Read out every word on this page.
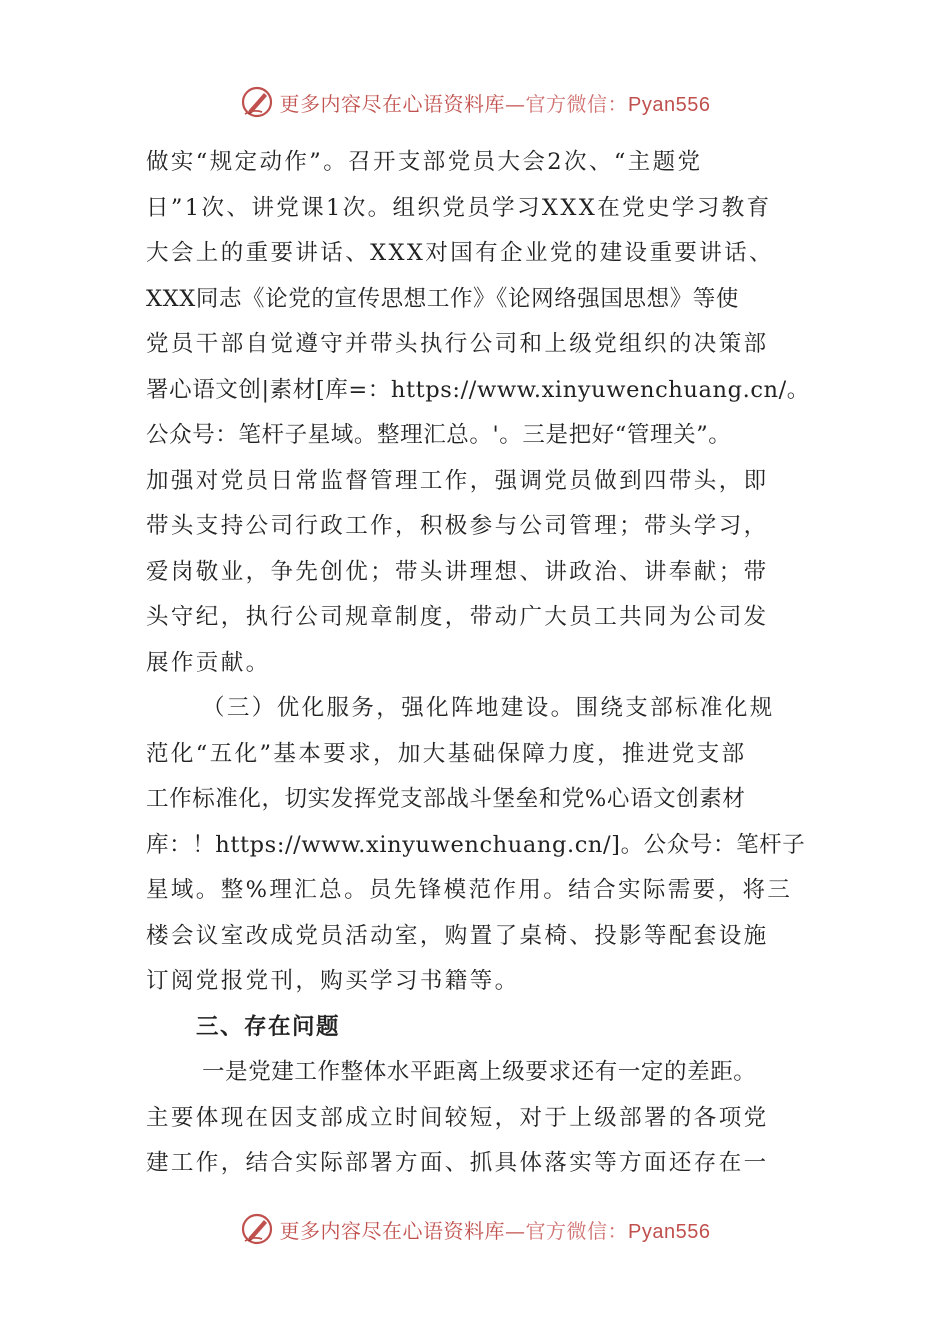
更多内容尽在心语资料库—官方微信：Pyan556
做实“规定动作”。召开支部党员大会2次、“主题党
日”1次、讲党课1次。组织党员学习XXX在党史学习教育
大会上的重要讲话、XXX对国有企业党的建设重要讲话、
XXX同志《论党的宣传思想工作》《论网络强国思想》等使
党员干部自觉遵守并带头执行公司和上级党组织的决策部
署心语文创|素材[库=：https://www.xinyuwenchuang.cn/。
公众号：笔杆子星域。整理汇总。'。三是把好“管理关”。
加强对党员日常监督管理工作，强调党员做到四带头，即
带头支持公司行政工作，积极参与公司管理；带头学习，
爱岗敬业，争先创优；带头讲理想、讲政治、讲奉献；带
头守纪，执行公司规章制度，带动广大员工共同为公司发
展作贡献。
（三）优化服务，强化阵地建设。围绕支部标准化规
范化“五化”基本要求，加大基础保障力度，推进党支部
工作标准化，切实发挥党支部战斗堡垒和党%心语文创素材
库：！https://www.xinyuwenchuang.cn/]。公众号：笔杆子
星域。整%理汇总。员先锋模范作用。结合实际需要，将三
楼会议室改成党员活动室，购置了桌椅、投影等配套设施
订阅党报党刊，购买学习书籍等。
三、存在问题
一是党建工作整体水平距离上级要求还有一定的差距。
主要体现在因支部成立时间较短，对于上级部署的各项党
建工作，结合实际部署方面、抓具体落实等方面还存在一
更多内容尽在心语资料库—官方微信：Pyan556
